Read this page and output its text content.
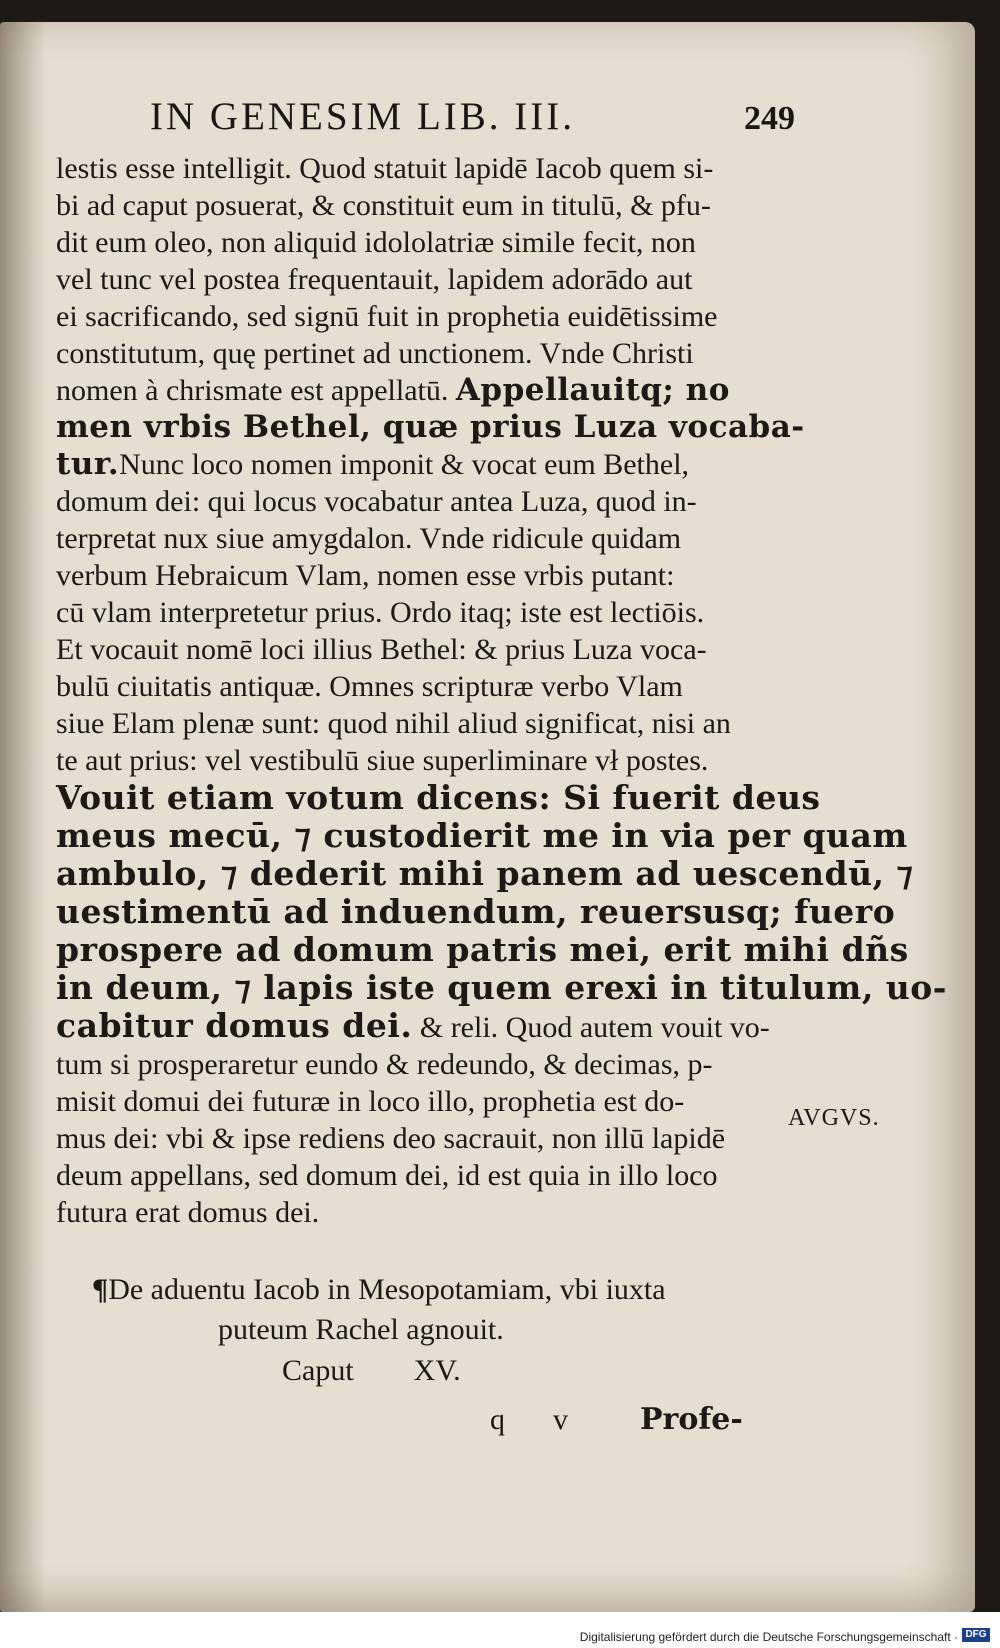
IN GENESIM LIB. III.	249
lestis esse intelligit. Quod statuit lapidē Iacob quem si-
bi ad caput posuerat, & constituit eum in titulū, & pfu-
dit eum oleo, non aliquid idololatriæ simile fecit, non
vel tunc vel postea frequentauit, lapidem adorādo aut
ei sacrificando, sed signū fuit in prophetia euidētissime
constitutum, quę pertinet ad unctionem. Vnde Christi
nomen à chrismate est appellatū. Appellauitq; no
men vrbis Bethel, quæ prius Luza vocaba-
tur.Nunc loco nomen imponit & vocat eum Bethel,
domum dei: qui locus vocabatur antea Luza, quod in-
terpretat nux siue amygdalon. Vnde ridicule quidam
verbum Hebraicum Vlam, nomen esse vrbis putant:
cū vlam interpretetur prius. Ordo itaq; iste est lectiōis.
Et vocauit nomē loci illius Bethel: & prius Luza voca-
bulū ciuitatis antiquæ. Omnes scripturæ verbo Vlam
siue Elam plenæ sunt: quod nihil aliud significat, nisi an
te aut prius: vel vestibulū siue superliminare vł postes.
Vouit etiam votum dicens: Si fuerit deus
meus mecū, ⁊ custodierit me in via per quam
ambulo, ⁊ dederit mihi panem ad uescendū, ⁊
uestimentū ad induendum, reuersusq; fuero
prospere ad domum patris mei, erit mihi dñs
in deum, ⁊ lapis iste quem erexi in titulum, uo-
cabitur domus dei. & reli. Quod autem vouit vo-
tum si prosperaretur eundo & redeundo, & decimas, p-
misit domui dei futuræ in loco illo, prophetia est do-
mus dei: vbi & ipse rediens deo sacrauit, non illū lapidē
deum appellans, sed domum dei, id est quia in illo loco
futura erat domus dei.
AVGVS.
¶De aduentu Iacob in Mesopotamiam, vbi iuxta
puteum Rachel agnouit.
Caput XV.
q v Profe-
Digitalisierung gefördert durch die Deutsche Forschungsgemeinschaft · DFG
